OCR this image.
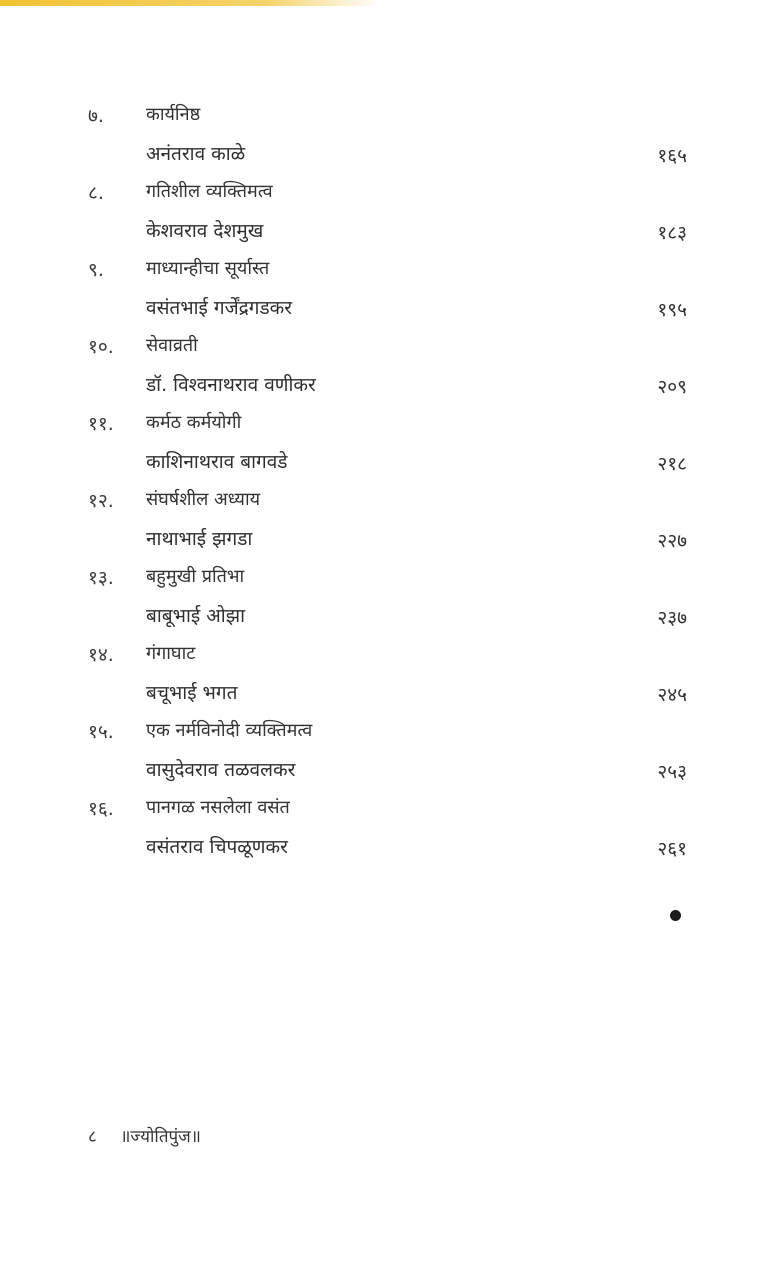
७. कार्यनिष्ठ
अनंतराव काळे	१६५
८. गतिशील व्यक्तिमत्व
केशवराव देशमुख	१८३
९. माध्यान्हीचा सूर्यास्त
वसंतभाई गर्जेंद्रगडकर	१९५
१०. सेवाव्रती
डॉ. विश्वनाथराव वणीकर	२०९
११. कर्मठ कर्मयोगी
काशिनाथराव बागवडे	२१८
१२. संघर्षशील अध्याय
नाथाभाई झगडा	२२७
१३. बहुमुखी प्रतिभा
बाबूभाई ओझा	२३७
१४. गंगाघाट
बचूभाई भगत	२४५
१५. एक नर्मविनोदी व्यक्तिमत्व
वासुदेवराव तळवलकर	२५३
१६. पानगळ नसलेला वसंत
वसंतराव चिपळूणकर	२६१
८ ॥ज्योतिपुंज॥
